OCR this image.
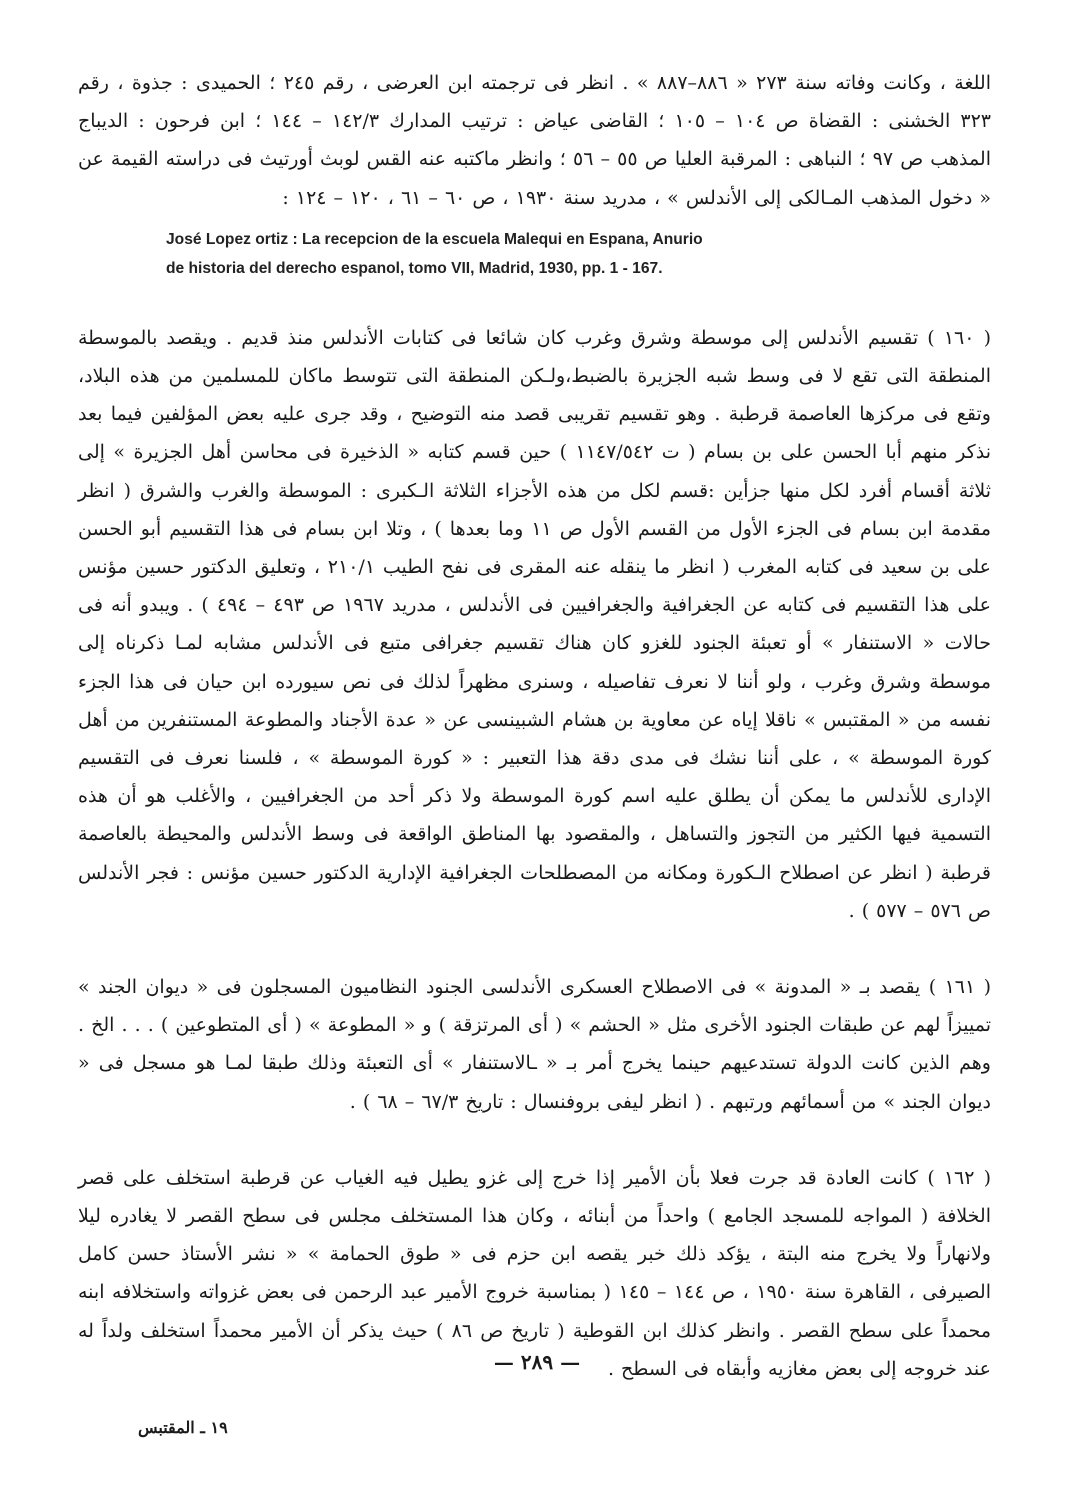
اللغة ، وكانت وفاته سنة ٢٧٣ « ٨٨٦–٨٨٧ » . انظر فى ترجمته ابن العرضى ، رقم ٢٤٥ ؛ الحميدى : جذوة ، رقم ٣٢٣ الخشنى : القضاة ص ١٠٤ – ١٠٥ ؛ القاضى عياض : ترتيب المدارك ١٤٢/٣ – ١٤٤ ؛ ابن فرحون : الديباج المذهب ص ٩٧ ؛ النباهى : المرقبة العليا ص ٥٥ – ٥٦ ؛ وانظر ماكتبه عنه القس لوبث أورتيث فى دراسته القيمة عن « دخول المذهب المـالكى إلى الأندلس » ، مدريد سنة ١٩٣٠ ، ص ٦٠ – ٦١ ، ١٢٠ – ١٢٤ :

José Lopez ortiz : La recepcion de la escuela Malequi en Espana, Anurio
de historia del derecho espanol, tomo VII, Madrid, 1930, pp. 1 - 167.

( ١٦٠ ) تقسيم الأندلس إلى موسطة وشرق وغرب كان شائعا فى كتابات الأندلس منذ قديم . ويقصد بالموسطة المنطقة التى تقع لا فى وسط شبه الجزيرة بالضبط،ولـكن المنطقة التى تتوسط ماكان للمسلمين من هذه البلاد، وتقع فى مركزها العاصمة قرطبة . وهو تقسيم تقريبى قصد منه التوضيح ، وقد جرى عليه بعض المؤلفين فيما بعد نذكر منهم أبا الحسن على بن بسام ( ت ١١٤٧/٥٤٢ ) حين قسم كتابه « الذخيرة فى محاسن أهل الجزيرة » إلى ثلاثة أقسام أفرد لكل منها جزأين :قسم لكل من هذه الأجزاء الثلاثة الـكبرى : الموسطة والغرب والشرق ( انظر مقدمة ابن بسام فى الجزء الأول من القسم الأول ص ١١ وما بعدها ) ، وتلا ابن بسام فى هذا التقسيم أبو الحسن على بن سعيد فى كتابه المغرب ( انظر ما ينقله عنه المقرى فى نفح الطيب ٢١٠/١ ، وتعليق الدكتور حسين مؤنس على هذا التقسيم فى كتابه عن الجغرافية والجغرافيين فى الأندلس ، مدريد ١٩٦٧ ص ٤٩٣ – ٤٩٤ ) . ويبدو أنه فى حالات « الاستنفار » أو تعبئة الجنود للغزو كان هناك تقسيم جغرافى متبع فى الأندلس مشابه لمـا ذكرناه إلى موسطة وشرق وغرب ، ولو أننا لا نعرف تفاصيله ، وسنرى مظهراً لذلك فى نص سيورده ابن حيان فى هذا الجزء نفسه من « المقتبس » ناقلا إياه عن معاوية بن هشام الشبينسى عن « عدة الأجناد والمطوعة المستنفرين من أهل كورة الموسطة » ، على أننا نشك فى مدى دقة هذا التعبير : « كورة الموسطة » ، فلسنا نعرف فى التقسيم الإدارى للأندلس ما يمكن أن يطلق عليه اسم كورة الموسطة ولا ذكر أحد من الجغرافيين ، والأغلب هو أن هذه التسمية فيها الكثير من التجوز والتساهل ، والمقصود بها المناطق الواقعة فى وسط الأندلس والمحيطة بالعاصمة قرطبة ( انظر عن اصطلاح الـكورة ومكانه من المصطلحات الجغرافية الإدارية الدكتور حسين مؤنس : فجر الأندلس ص ٥٧٦ – ٥٧٧ ) .

( ١٦١ ) يقصد بـ « المدونة » فى الاصطلاح العسكرى الأندلسى الجنود النظاميون المسجلون فى « ديوان الجند » تمييزاً لهم عن طبقات الجنود الأخرى مثل « الحشم » ( أى المرتزقة ) و « المطوعة » ( أى المتطوعين ) . . . الخ . وهم الذين كانت الدولة تستدعيهم حينما يخرج أمر بـ « ـالاستنفار » أى التعبئة وذلك طبقا لمـا هو مسجل فى « ديوان الجند » من أسمائهم ورتبهم . ( انظر ليفى بروفنسال : تاريخ ٦٧/٣ – ٦٨ ) .

( ١٦٢ ) كانت العادة قد جرت فعلا بأن الأمير إذا خرج إلى غزو يطيل فيه الغياب عن قرطبة استخلف على قصر الخلافة ( المواجه للمسجد الجامع ) واحداً من أبنائه ، وكان هذا المستخلف مجلس فى سطح القصر لا يغادره ليلا ولانهاراً ولا يخرج منه البتة ، يؤكد ذلك خبر يقصه ابن حزم فى « طوق الحمامة » « نشر الأستاذ حسن كامل الصيرفى ، القاهرة سنة ١٩٥٠ ، ص ١٤٤ – ١٤٥ ( بمناسبة خروج الأمير عبد الرحمن فى بعض غزواته واستخلافه ابنه محمداً على سطح القصر . وانظر كذلك ابن القوطية ( تاريخ ص ٨٦ ) حيث يذكر أن الأمير محمداً استخلف ولداً له عند خروجه إلى بعض مغازيه وأبقاه فى السطح .

— ٢٨٩ —
١٩ ـ المقتبس
